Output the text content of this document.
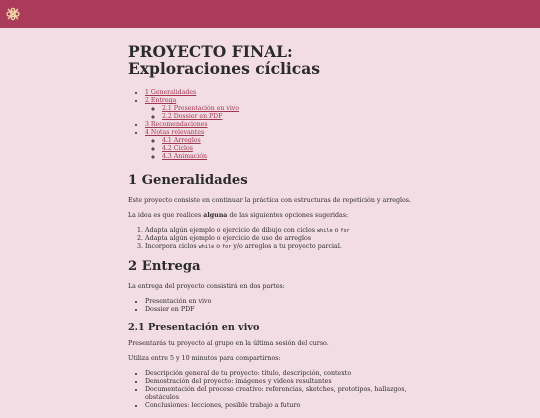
PROYECTO FINAL: Exploraciones cíclicas
• 1 Generalidades
• 2 Entrega
◦ 2.1 Presentación en vivo
◦ 2.2 Dossier en PDF
• 3 Recomendaciones
• 4 Notas relevantes
◦ 4.1 Arreglos
◦ 4.2 Ciclos
◦ 4.3 Animación
1 Generalidades

Este proyecto consiste en continuar la práctica con estructuras de repetición y arreglos.

La idea es que realices alguna de las siguientes opciones sugeridas:

1. Adapta algún ejemplo o ejercicio de dibujo con ciclos while o for
2. Adapta algún ejemplo o ejercicio de uso de arreglos
3. Incorpora ciclos while o for y/o arreglos a tu proyecto parcial.
2 Entrega

La entrega del proyecto consistirá en dos partes:

• Presentación en vivo
• Dossier en PDF
2.1 Presentación en vivo

Presentarás tu proyecto al grupo en la última sesión del curso.

Utiliza entre 5 y 10 minutos para compartirnos:

• Descripción general de tu proyecto: título, descripción, contexto
• Demostración del proyecto: imágenes y videos resultantes
• Documentación del proceso creativo: referencias, sketches, prototipos, hallazgos, obstáculos
• Conclusiones: lecciones, posible trabajo a futuro
